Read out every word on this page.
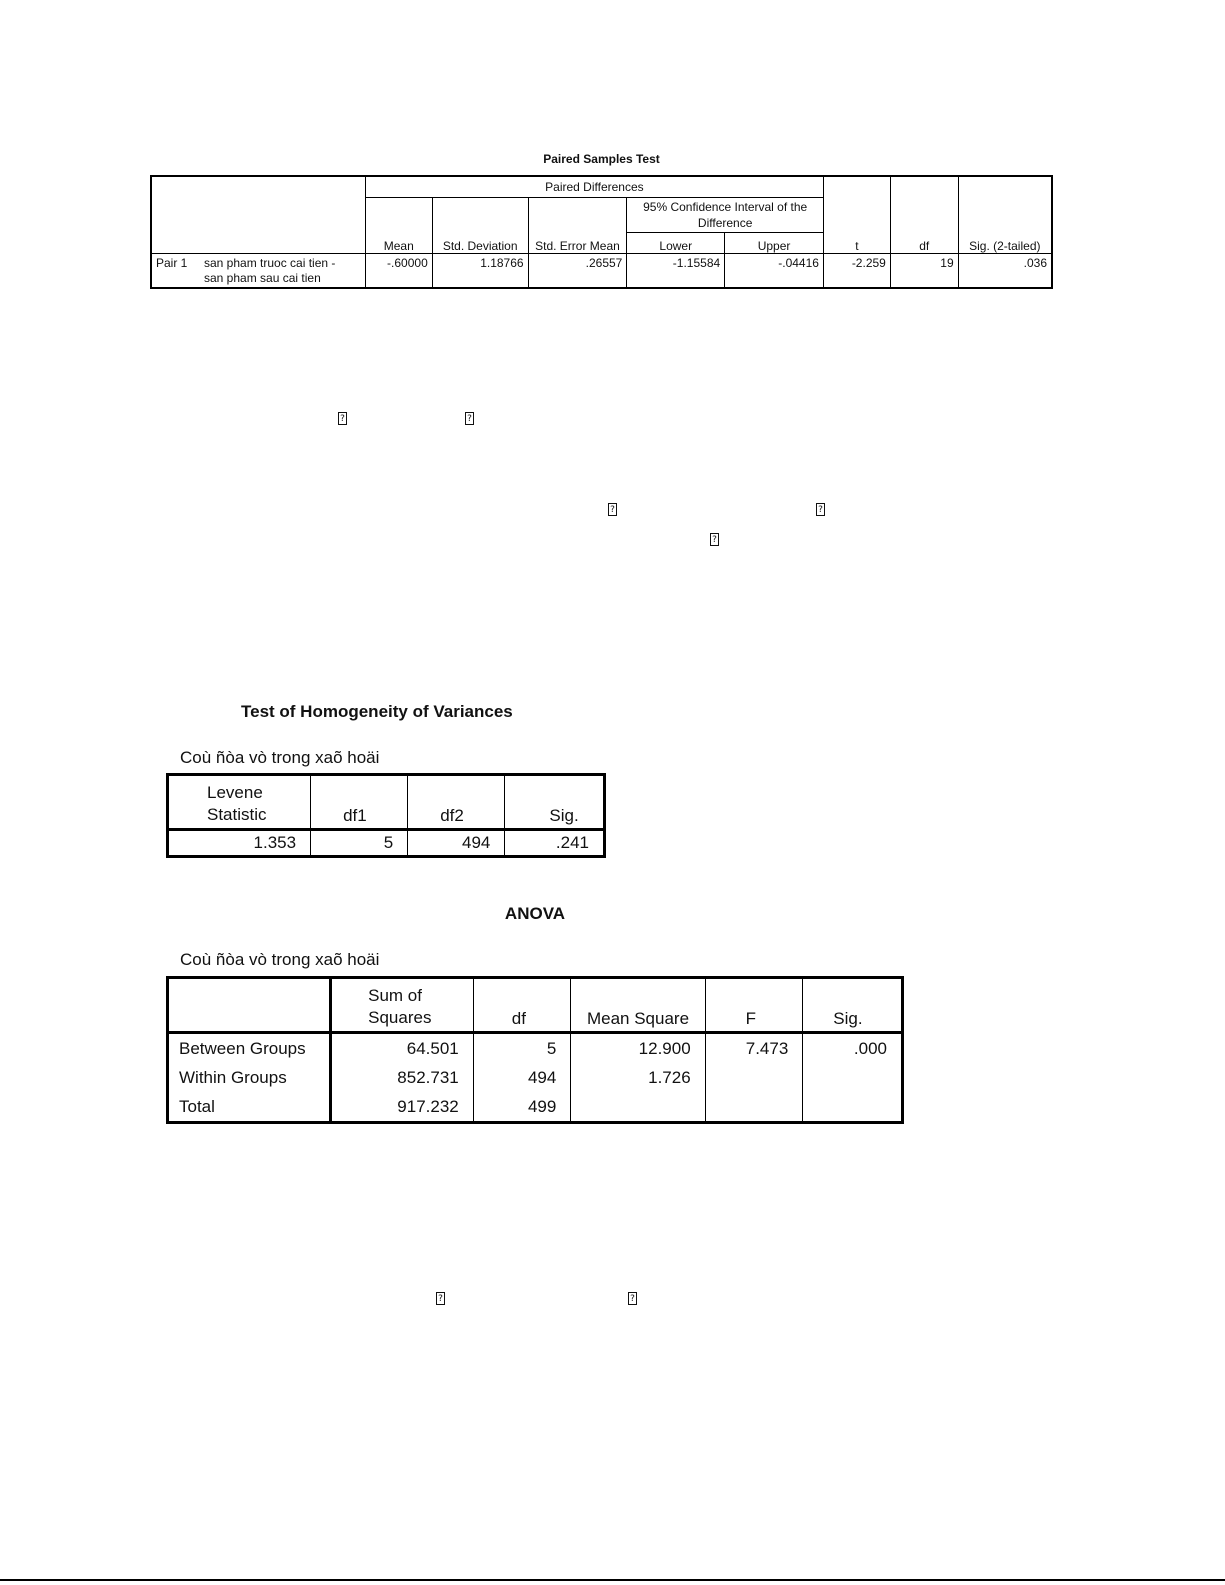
Paired Samples Test
	Paired Differences					t	df	Sig. (2-tailed)
	Mean	Std. Deviation	Std. Error Mean	95% Confidence Interval of the Difference				
				Lower	Upper			
Pair 1 san pham truoc cai tien -
san pham sau cai tien	-.60000	1.18766	.26557	-1.15584	-.04416	-2.259	19	.036
?	?
?	?
?
?	?
Test of Homogeneity of Variances
Coù ñòa vò trong xaõ hoäi
Levene
Statistic	df1	df2	Sig.
1.353	5	494	.241
ANOVA
Coù ñòa vò trong xaõ hoäi

	Sum of
Squares	df	Mean Square	F	Sig.
Between Groups	64.501	5	12.900	7.473	.000
Within Groups	852.731	494	1.726		
Total	917.232	499			
